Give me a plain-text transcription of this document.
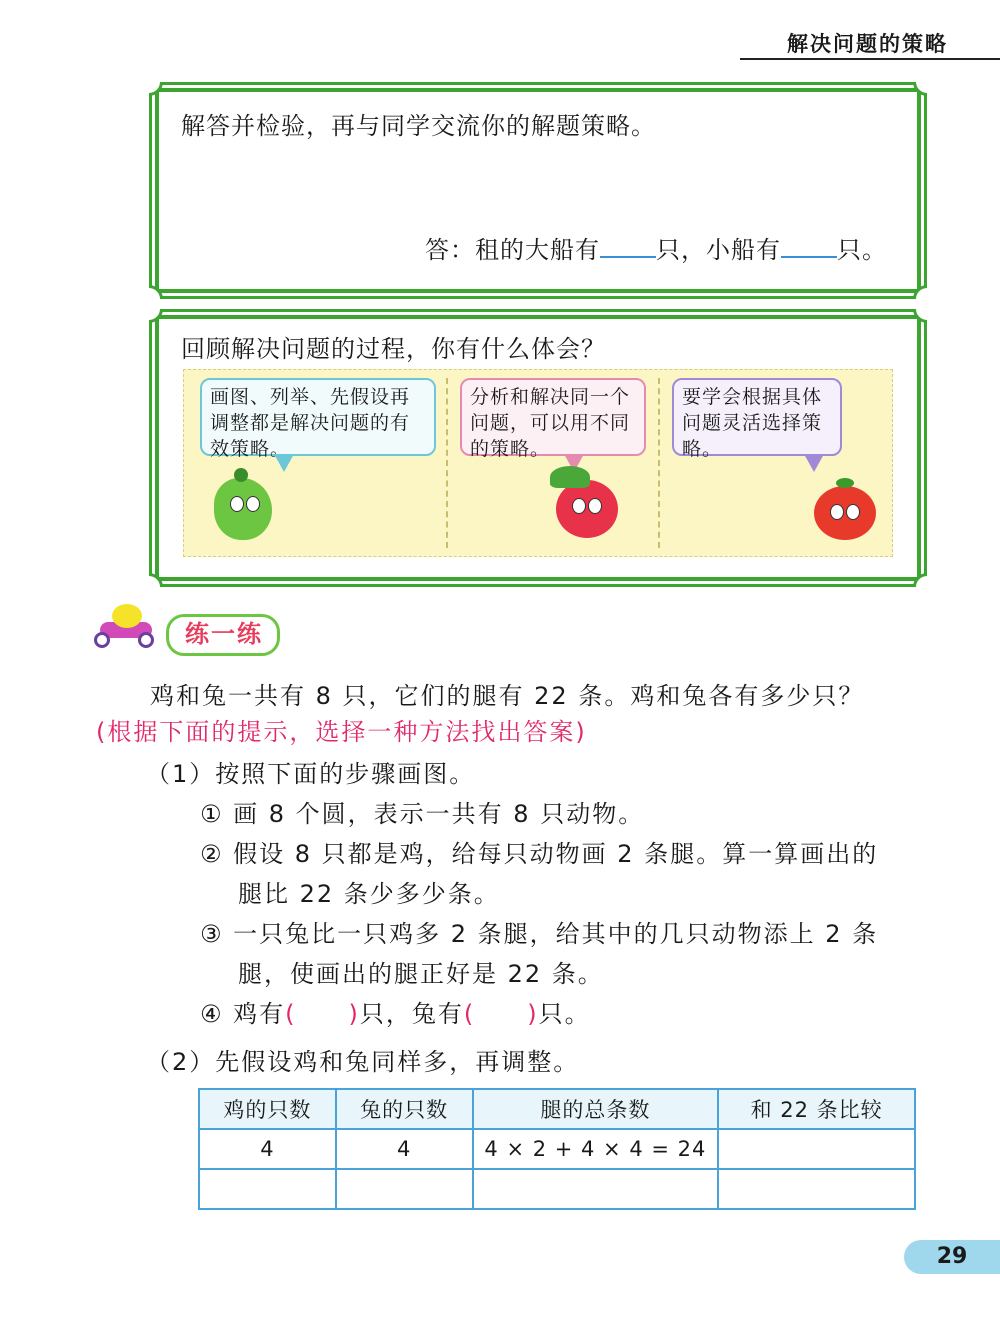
解决问题的策略
解答并检验，再与同学交流你的解题策略。
答：租的大船有 只，小船有 只。
回顾解决问题的过程，你有什么体会？
画图、列举、先假设再调整都是解决问题的有效策略。
分析和解决同一个问题，可以用不同的策略。
要学会根据具体问题灵活选择策略。
练一练
鸡和兔一共有 8 只，它们的腿有 22 条。鸡和兔各有多少只？
(根据下面的提示，选择一种方法找出答案)
（1）按照下面的步骤画图。
① 画 8 个圆，表示一共有 8 只动物。
② 假设 8 只都是鸡，给每只动物画 2 条腿。算一算画出的
腿比 22 条少多少条。
③ 一只兔比一只鸡多 2 条腿，给其中的几只动物添上 2 条
腿，使画出的腿正好是 22 条。
④ 鸡有( )只，兔有( )只。
（2）先假设鸡和兔同样多，再调整。
鸡的只数	兔的只数	腿的总条数	和 22 条比较
4	4	4 × 2 + 4 × 4 = 24	

29
